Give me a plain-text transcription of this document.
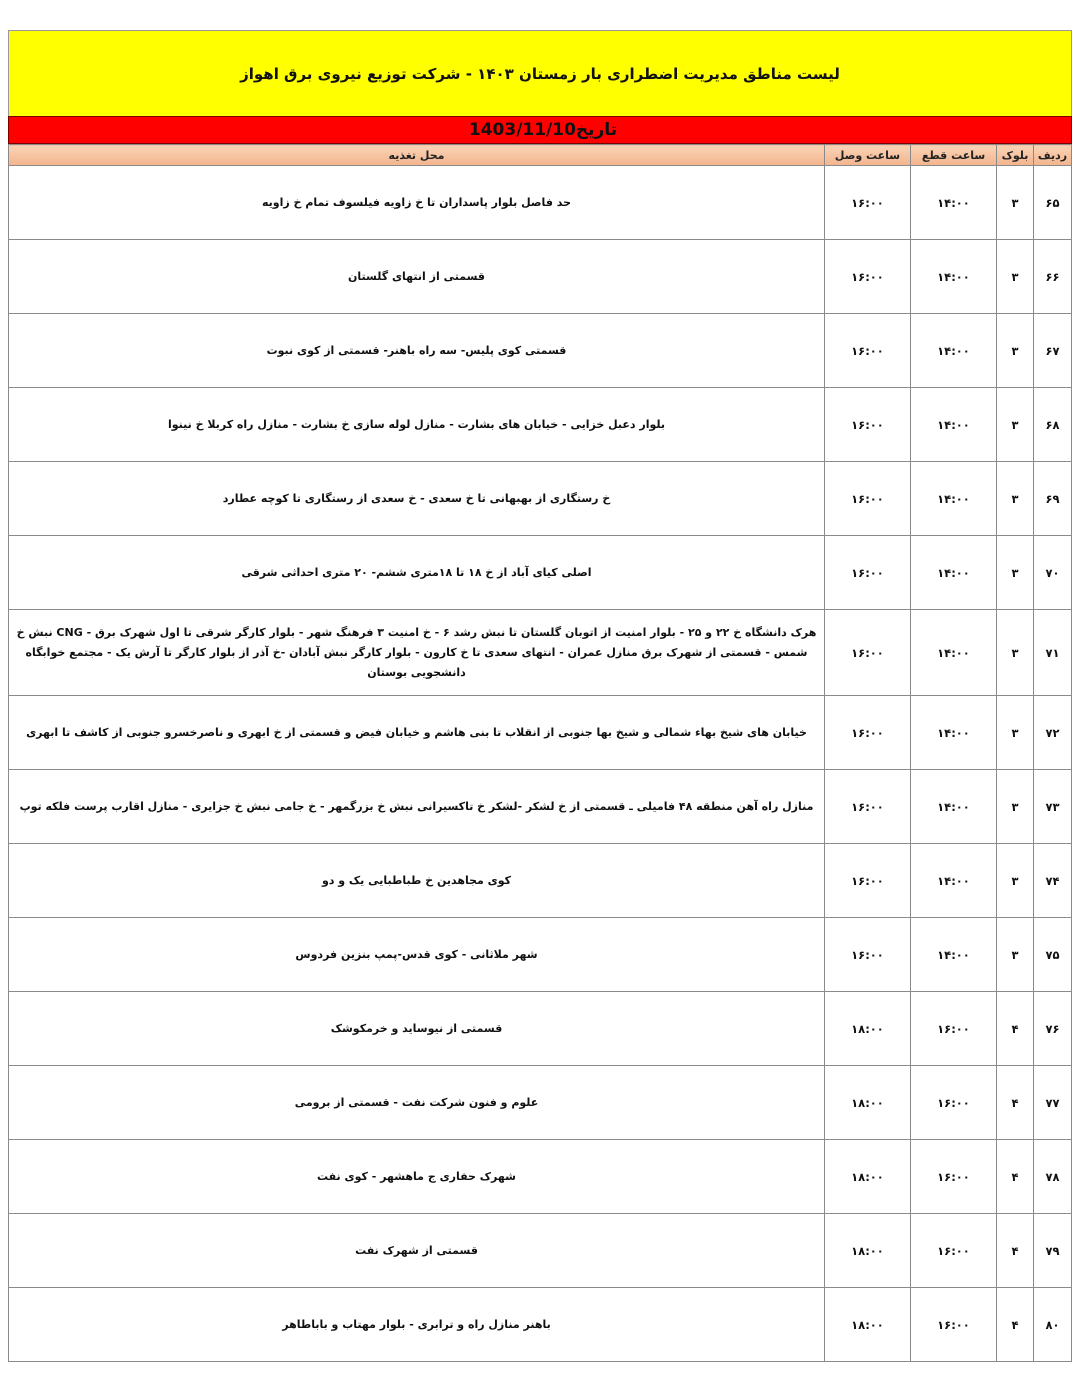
لیست مناطق مدیریت اضطراری بار زمستان ۱۴۰۳ - شرکت توزیع نیروی برق اهواز
تاریخ
1403/11/10
ردیف	بلوک	ساعت قطع	ساعت وصل	محل تغذیه
۶۵	۳	۱۴:۰۰	۱۶:۰۰	حد فاصل بلوار پاسداران تا خ زاویه فیلسوف تمام خ زاویه
۶۶	۳	۱۴:۰۰	۱۶:۰۰	قسمتی از انتهای گلستان
۶۷	۳	۱۴:۰۰	۱۶:۰۰	قسمتی کوی پلیس- سه راه باهنر- قسمتی از کوی نبوت
۶۸	۳	۱۴:۰۰	۱۶:۰۰	بلوار دعبل خزایی - خیابان های بشارت - منازل لوله سازی خ بشارت - منازل راه کربلا خ نینوا
۶۹	۳	۱۴:۰۰	۱۶:۰۰	خ رستگاری از بهبهانی تا خ سعدی - خ سعدی از رستگاری تا کوچه عطارد
۷۰	۳	۱۴:۰۰	۱۶:۰۰	اصلی کیای آباد از خ ۱۸ تا ۱۸متری ششم- ۲۰ متری احداثی شرقی
۷۱	۳	۱۴:۰۰	۱۶:۰۰	هرک دانشگاه خ ۲۲ و ۲۵ - بلوار امنیت از اتوبان گلستان تا نبش رشد ۶ - خ امنیت ۳ فرهنگ شهر - بلوار کارگر شرقی تا اول شهرک برق - CNG نبش خ شمس - قسمتی از شهرک برق منازل عمران - انتهای سعدی تا خ کارون - بلوار کارگر نبش آبادان -خ آذر از بلوار کارگر تا آرش یک - مجتمع خوابگاه دانشجویی بوستان
۷۲	۳	۱۴:۰۰	۱۶:۰۰	خیابان های شیخ بهاء شمالی و شیخ بها جنوبی از انقلاب تا بنی هاشم و خیابان فیض و قسمتی از خ ابهری و ناصرخسرو جنوبی از کاشف تا ابهری
۷۳	۳	۱۴:۰۰	۱۶:۰۰	منازل راه آهن منطقه ۴۸ فامیلی ـ قسمتی از خ لشکر -لشکر خ تاکسیرانی نبش خ بزرگمهر - خ جامی نبش خ جزایری - منازل اقارب پرست فلکه توپ
۷۴	۳	۱۴:۰۰	۱۶:۰۰	کوی مجاهدین خ طباطبایی یک و دو
۷۵	۳	۱۴:۰۰	۱۶:۰۰	شهر ملاثانی - کوی قدس-پمپ بنزین فردوس
۷۶	۴	۱۶:۰۰	۱۸:۰۰	قسمتی از نیوساید و خرمکوشک
۷۷	۴	۱۶:۰۰	۱۸:۰۰	علوم و فنون شرکت نفت - قسمتی از برومی
۷۸	۴	۱۶:۰۰	۱۸:۰۰	شهرک حفاری ج ماهشهر - کوی نفت
۷۹	۴	۱۶:۰۰	۱۸:۰۰	قسمتی از شهرک نفت
۸۰	۴	۱۶:۰۰	۱۸:۰۰	باهنر منازل راه و ترابری - بلوار مهتاب و باباطاهر
